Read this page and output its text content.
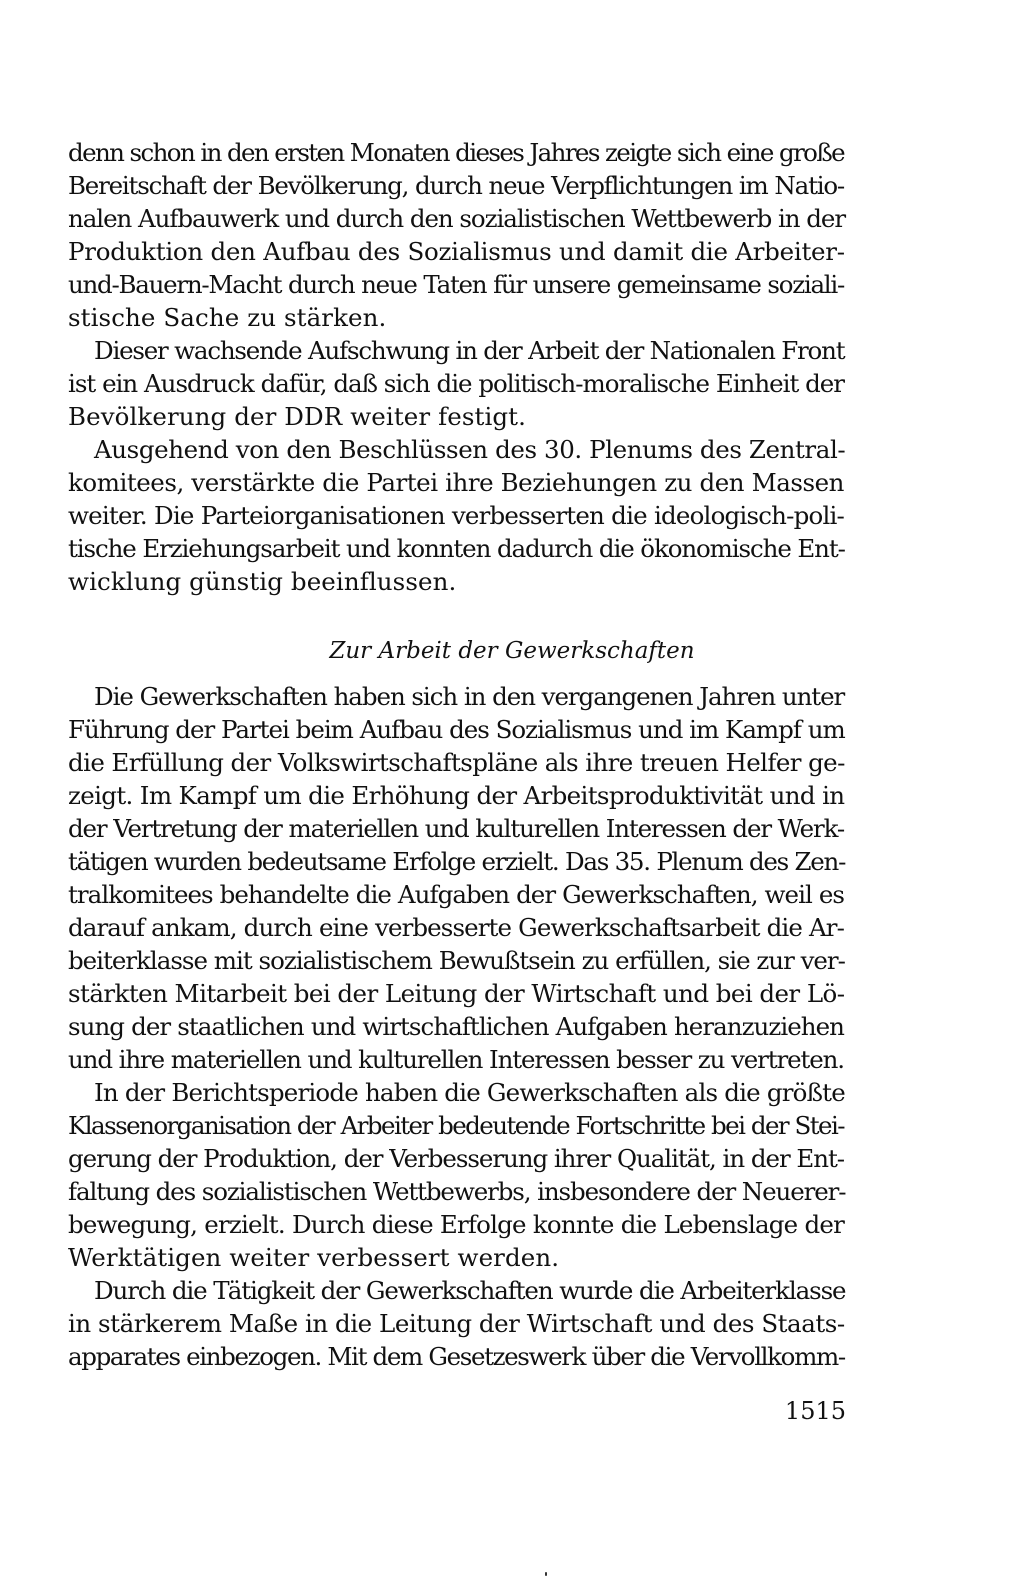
denn schon in den ersten Monaten dieses Jahres zeigte sich eine große
Bereitschaft der Bevölkerung, durch neue Verpflichtungen im Natio-
nalen Aufbauwerk und durch den sozialistischen Wettbewerb in der
Produktion den Aufbau des Sozialismus und damit die Arbeiter-
und-Bauern-Macht durch neue Taten für unsere gemeinsame soziali-
stische Sache zu stärken.
Dieser wachsende Aufschwung in der Arbeit der Nationalen Front
ist ein Ausdruck dafür, daß sich die politisch-moralische Einheit der
Bevölkerung der DDR weiter festigt.
Ausgehend von den Beschlüssen des 30. Plenums des Zentral-
komitees, verstärkte die Partei ihre Beziehungen zu den Massen
weiter. Die Parteiorganisationen verbesserten die ideologisch-poli-
tische Erziehungsarbeit und konnten dadurch die ökonomische Ent-
wicklung günstig beeinflussen.
Zur Arbeit der Gewerkschaften
Die Gewerkschaften haben sich in den vergangenen Jahren unter
Führung der Partei beim Aufbau des Sozialismus und im Kampf um
die Erfüllung der Volkswirtschaftspläne als ihre treuen Helfer ge-
zeigt. Im Kampf um die Erhöhung der Arbeitsproduktivität und in
der Vertretung der materiellen und kulturellen Interessen der Werk-
tätigen wurden bedeutsame Erfolge erzielt. Das 35. Plenum des Zen-
tralkomitees behandelte die Aufgaben der Gewerkschaften, weil es
darauf ankam, durch eine verbesserte Gewerkschaftsarbeit die Ar-
beiterklasse mit sozialistischem Bewußtsein zu erfüllen, sie zur ver-
stärkten Mitarbeit bei der Leitung der Wirtschaft und bei der Lö-
sung der staatlichen und wirtschaftlichen Aufgaben heranzuziehen
und ihre materiellen und kulturellen Interessen besser zu vertreten.
In der Berichtsperiode haben die Gewerkschaften als die größte
Klassenorganisation der Arbeiter bedeutende Fortschritte bei der Stei-
gerung der Produktion, der Verbesserung ihrer Qualität, in der Ent-
faltung des sozialistischen Wettbewerbs, insbesondere der Neuerer-
bewegung, erzielt. Durch diese Erfolge konnte die Lebenslage der
Werktätigen weiter verbessert werden.
Durch die Tätigkeit der Gewerkschaften wurde die Arbeiterklasse
in stärkerem Maße in die Leitung der Wirtschaft und des Staats-
apparates einbezogen. Mit dem Gesetzeswerk über die Vervollkomm-
1515
